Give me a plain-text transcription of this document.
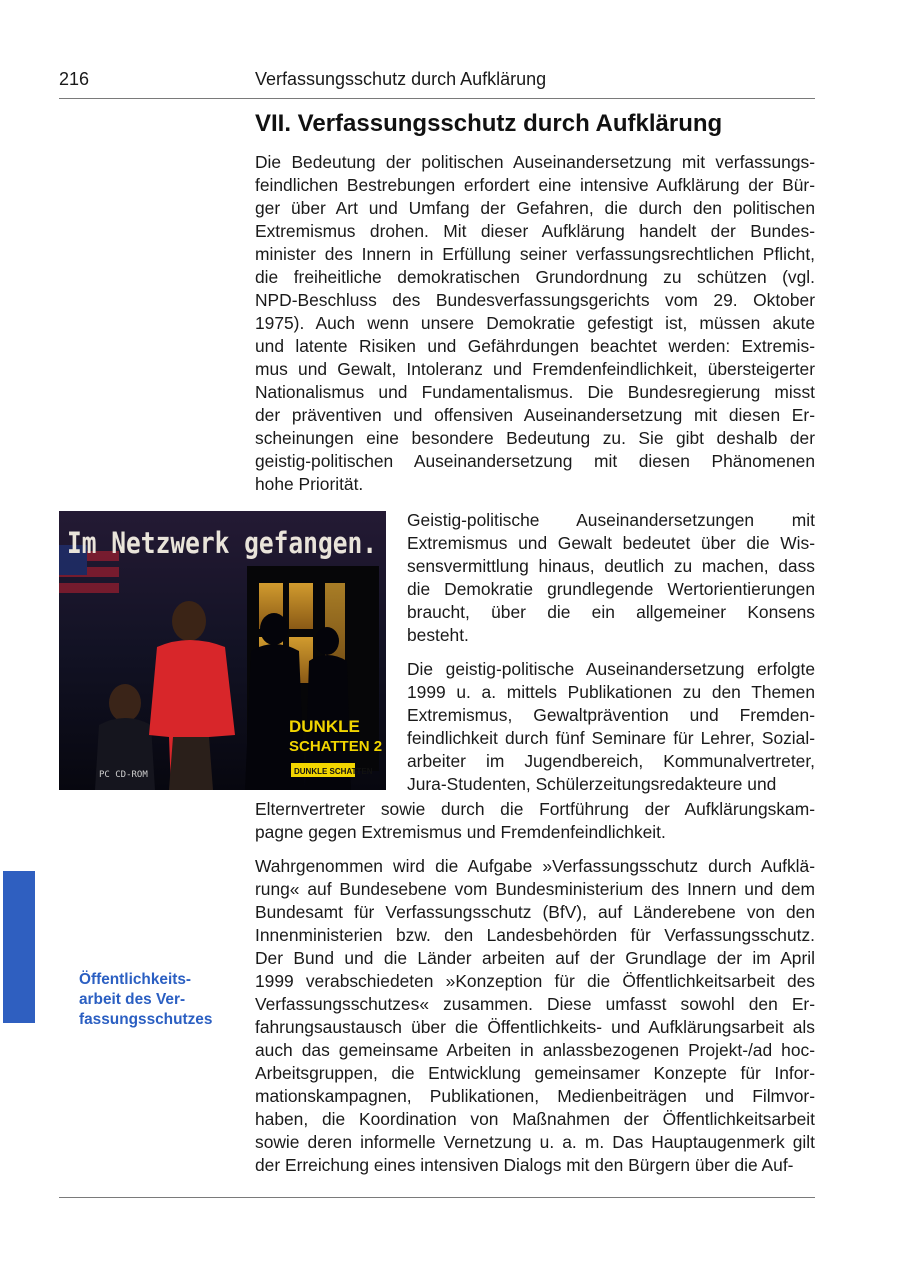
216	Verfassungsschutz durch Aufklärung
VII. Verfassungsschutz durch Aufklärung

Die Bedeutung der politischen Auseinandersetzung mit verfassungs-
feindlichen Bestrebungen erfordert eine intensive Aufklärung der Bür-
ger über Art und Umfang der Gefahren, die durch den politischen
Extremismus drohen. Mit dieser Aufklärung handelt der Bundes-
minister des Innern in Erfüllung seiner verfassungsrechtlichen Pflicht,
die freiheitliche demokratischen Grundordnung zu schützen (vgl.
NPD-Beschluss des Bundesverfassungsgerichts vom 29. Oktober
1975). Auch wenn unsere Demokratie gefestigt ist, müssen akute
und latente Risiken und Gefährdungen beachtet werden: Extremis-
mus und Gewalt, Intoleranz und Fremdenfeindlichkeit, übersteigerter
Nationalismus und Fundamentalismus. Die Bundesregierung misst
der präventiven und offensiven Auseinandersetzung mit diesen Er-
scheinungen eine besondere Bedeutung zu. Sie gibt deshalb der
geistig-politischen Auseinandersetzung mit diesen Phänomenen
hohe Priorität.

Im Netzwerk gefangen.
DUNKLE
SCHATTEN 2
DUNKLE SCHATTEN
PC CD-ROM

Geistig-politische Auseinandersetzungen mit
Extremismus und Gewalt bedeutet über die Wis-
sensvermittlung hinaus, deutlich zu machen, dass
die Demokratie grundlegende Wertorientierungen
braucht, über die ein allgemeiner Konsens
besteht.

Die geistig-politische Auseinandersetzung erfolgte
1999 u. a. mittels Publikationen zu den Themen
Extremismus, Gewaltprävention und Fremden-
feindlichkeit durch fünf Seminare für Lehrer, Sozial-
arbeiter im Jugendbereich, Kommunalvertreter,
Jura-Studenten, Schülerzeitungsredakteure und

Elternvertreter sowie durch die Fortführung der Aufklärungskam-
pagne gegen Extremismus und Fremdenfeindlichkeit.

Öffentlichkeits-
arbeit des Ver-
fassungsschutzes

Wahrgenommen wird die Aufgabe »Verfassungsschutz durch Aufklä-
rung« auf Bundesebene vom Bundesministerium des Innern und dem
Bundesamt für Verfassungsschutz (BfV), auf Länderebene von den
Innenministerien bzw. den Landesbehörden für Verfassungsschutz.
Der Bund und die Länder arbeiten auf der Grundlage der im April
1999 verabschiedeten »Konzeption für die Öffentlichkeitsarbeit des
Verfassungsschutzes« zusammen. Diese umfasst sowohl den Er-
fahrungsaustausch über die Öffentlichkeits- und Aufklärungsarbeit als
auch das gemeinsame Arbeiten in anlassbezogenen Projekt-/ad hoc-
Arbeitsgruppen, die Entwicklung gemeinsamer Konzepte für Infor-
mationskampagnen, Publikationen, Medienbeiträgen und Filmvor-
haben, die Koordination von Maßnahmen der Öffentlichkeitsarbeit
sowie deren informelle Vernetzung u. a. m. Das Hauptaugenmerk gilt
der Erreichung eines intensiven Dialogs mit den Bürgern über die Auf-
